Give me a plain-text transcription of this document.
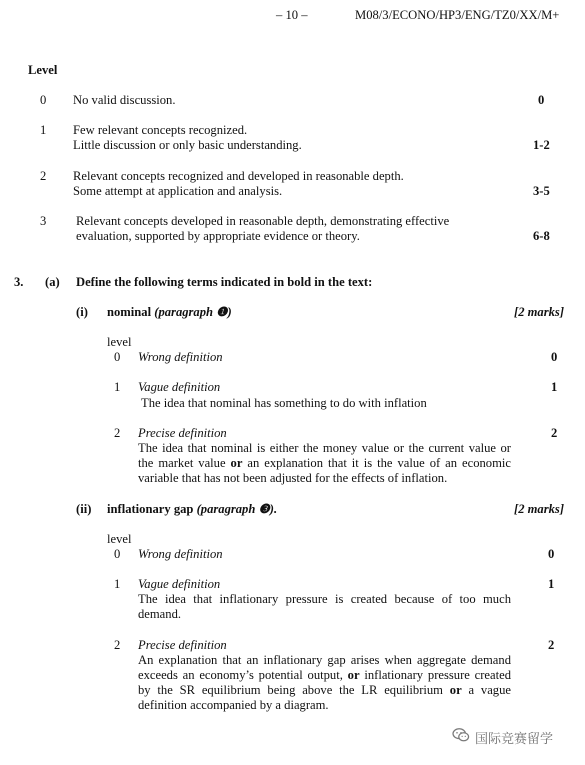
– 10 –	M08/3/ECONO/HP3/ENG/TZ0/XX/M+
Level
0 No valid discussion.	0
1 Few relevant concepts recognized.
Little discussion or only basic understanding.	1-2
2 Relevant concepts recognized and developed in reasonable depth.
Some attempt at application and analysis.	3-5
3 Relevant concepts developed in reasonable depth, demonstrating effective
evaluation, supported by appropriate evidence or theory.	6-8
3. (a) Define the following terms indicated in bold in the text:
(i) nominal (paragraph ❶)	[2 marks]
level
0 Wrong definition	0
1 Vague definition	1
The idea that nominal has something to do with inflation
2 Precise definition	2
The idea that nominal is either the money value or the current value or the market value or an explanation that it is the value of an economic variable that has not been adjusted for the effects of inflation.
(ii) inflationary gap (paragraph ❸).	[2 marks]
level
0 Wrong definition	0
1 Vague definition	1
The idea that inflationary pressure is created because of too much demand.
2 Precise definition	2
An explanation that an inflationary gap arises when aggregate demand exceeds an economy’s potential output, or inflationary pressure created by the SR equilibrium being above the LR equilibrium or a vague definition accompanied by a diagram.
国际竞赛留学
